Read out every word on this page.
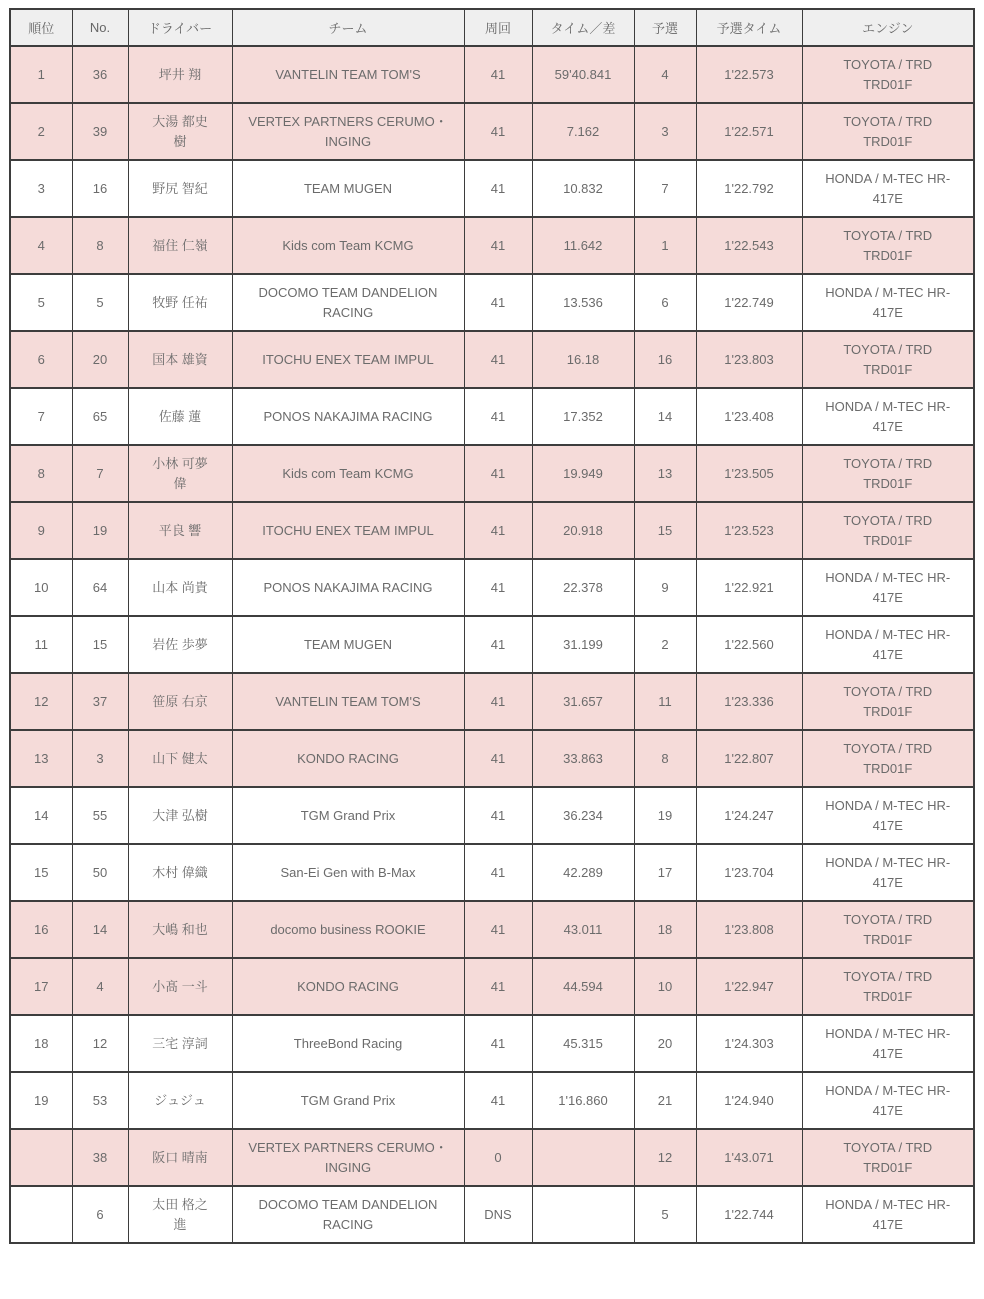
順位	No.	ドライバー	チーム	周回	タイム／差	予選	予選タイム	エンジン
1	36	坪井 翔	VANTELIN TEAM TOM'S	41	59'40.841	4	1'22.573	TOYOTA / TRD TRD01F
2	39	大湯 都史樹	VERTEX PARTNERS CERUMO・INGING	41	7.162	3	1'22.571	TOYOTA / TRD TRD01F
3	16	野尻 智紀	TEAM MUGEN	41	10.832	7	1'22.792	HONDA / M-TEC HR-417E
4	8	福住 仁嶺	Kids com Team KCMG	41	11.642	1	1'22.543	TOYOTA / TRD TRD01F
5	5	牧野 任祐	DOCOMO TEAM DANDELION RACING	41	13.536	6	1'22.749	HONDA / M-TEC HR-417E
6	20	国本 雄資	ITOCHU ENEX TEAM IMPUL	41	16.18	16	1'23.803	TOYOTA / TRD TRD01F
7	65	佐藤 蓮	PONOS NAKAJIMA RACING	41	17.352	14	1'23.408	HONDA / M-TEC HR-417E
8	7	小林 可夢偉	Kids com Team KCMG	41	19.949	13	1'23.505	TOYOTA / TRD TRD01F
9	19	平良 響	ITOCHU ENEX TEAM IMPUL	41	20.918	15	1'23.523	TOYOTA / TRD TRD01F
10	64	山本 尚貴	PONOS NAKAJIMA RACING	41	22.378	9	1'22.921	HONDA / M-TEC HR-417E
11	15	岩佐 歩夢	TEAM MUGEN	41	31.199	2	1'22.560	HONDA / M-TEC HR-417E
12	37	笹原 右京	VANTELIN TEAM TOM'S	41	31.657	11	1'23.336	TOYOTA / TRD TRD01F
13	3	山下 健太	KONDO RACING	41	33.863	8	1'22.807	TOYOTA / TRD TRD01F
14	55	大津 弘樹	TGM Grand Prix	41	36.234	19	1'24.247	HONDA / M-TEC HR-417E
15	50	木村 偉織	San-Ei Gen with B-Max	41	42.289	17	1'23.704	HONDA / M-TEC HR-417E
16	14	大嶋 和也	docomo business ROOKIE	41	43.011	18	1'23.808	TOYOTA / TRD TRD01F
17	4	小髙 一斗	KONDO RACING	41	44.594	10	1'22.947	TOYOTA / TRD TRD01F
18	12	三宅 淳詞	ThreeBond Racing	41	45.315	20	1'24.303	HONDA / M-TEC HR-417E
19	53	ジュジュ	TGM Grand Prix	41	1'16.860	21	1'24.940	HONDA / M-TEC HR-417E
	38	阪口 晴南	VERTEX PARTNERS CERUMO・INGING	0		12	1'43.071	TOYOTA / TRD TRD01F
	6	太田 格之進	DOCOMO TEAM DANDELION RACING	DNS		5	1'22.744	HONDA / M-TEC HR-417E
